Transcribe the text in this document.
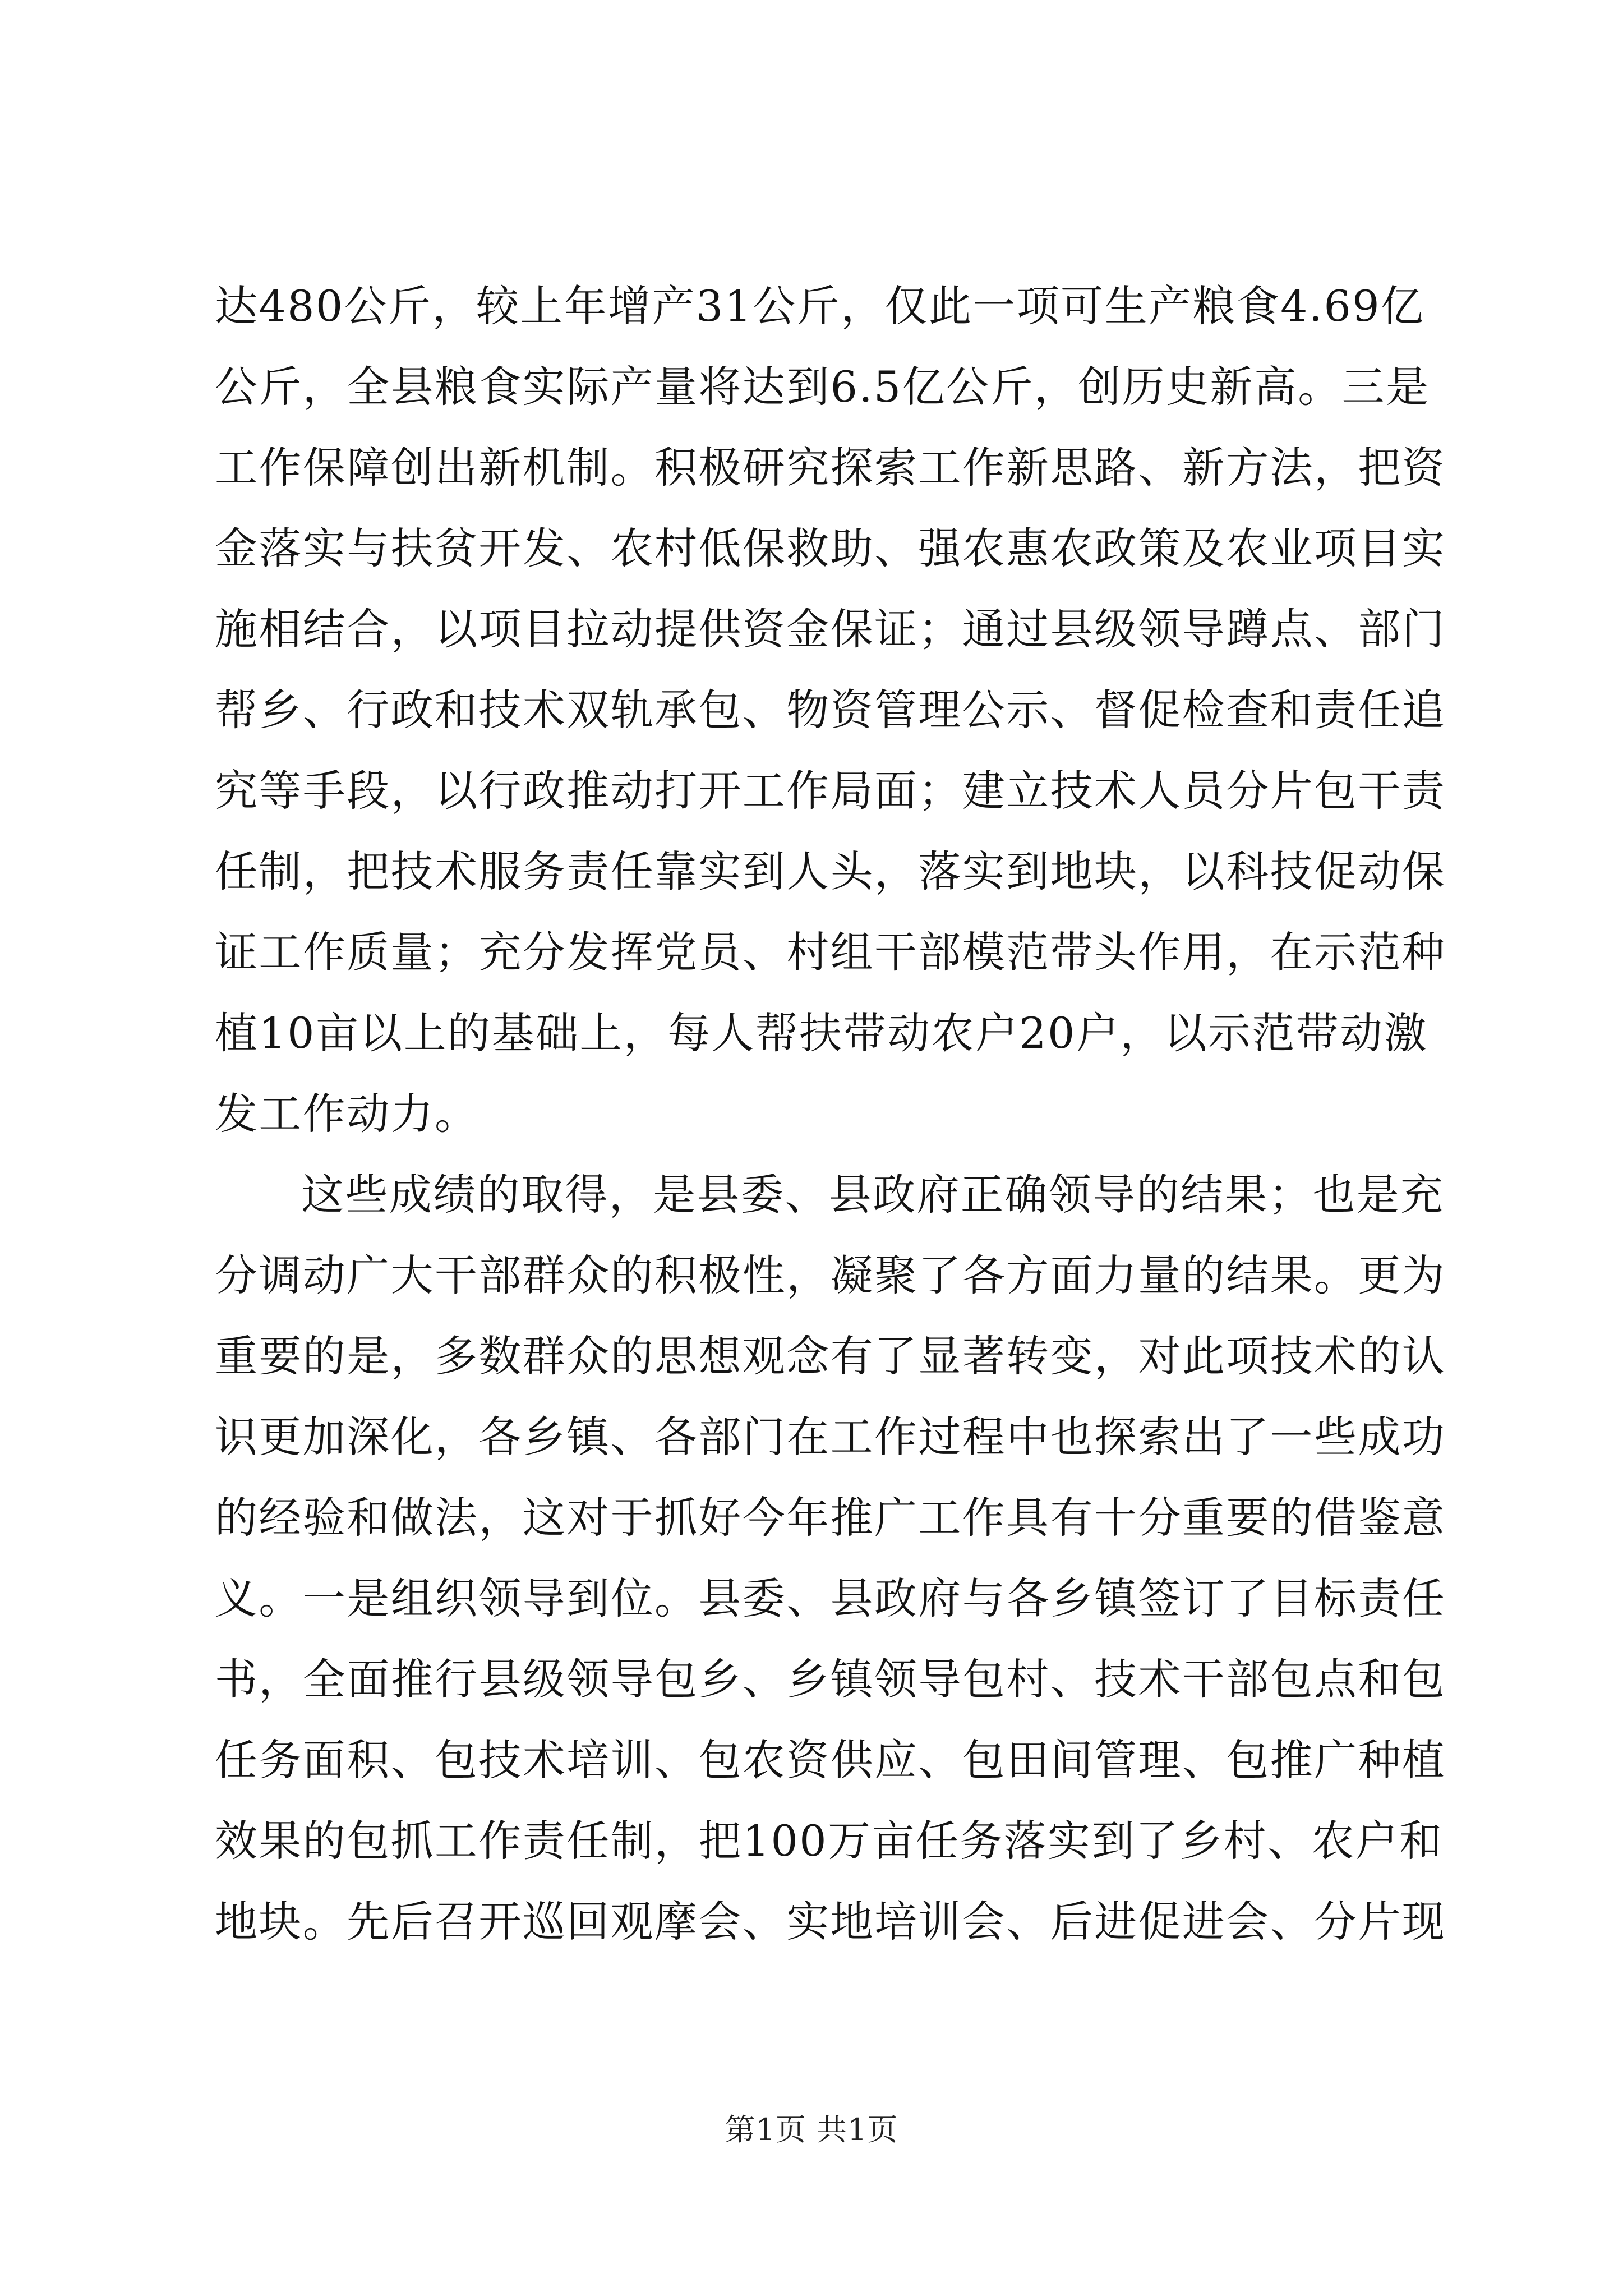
达480公斤，较上年增产31公斤，仅此一项可生产粮食4.69亿
公斤，全县粮食实际产量将达到6.5亿公斤，创历史新高。三是
工作保障创出新机制。积极研究探索工作新思路、新方法，把资
金落实与扶贫开发、农村低保救助、强农惠农政策及农业项目实
施相结合，以项目拉动提供资金保证；通过县级领导蹲点、部门
帮乡、行政和技术双轨承包、物资管理公示、督促检查和责任追
究等手段，以行政推动打开工作局面；建立技术人员分片包干责
任制，把技术服务责任靠实到人头，落实到地块，以科技促动保
证工作质量；充分发挥党员、村组干部模范带头作用，在示范种
植10亩以上的基础上，每人帮扶带动农户20户，以示范带动激
发工作动力。
这些成绩的取得，是县委、县政府正确领导的结果；也是充
分调动广大干部群众的积极性，凝聚了各方面力量的结果。更为
重要的是，多数群众的思想观念有了显著转变，对此项技术的认
识更加深化，各乡镇、各部门在工作过程中也探索出了一些成功
的经验和做法，这对于抓好今年推广工作具有十分重要的借鉴意
义。一是组织领导到位。县委、县政府与各乡镇签订了目标责任
书，全面推行县级领导包乡、乡镇领导包村、技术干部包点和包
任务面积、包技术培训、包农资供应、包田间管理、包推广种植
效果的包抓工作责任制，把100万亩任务落实到了乡村、农户和
地块。先后召开巡回观摩会、实地培训会、后进促进会、分片现
第1页 共1页
